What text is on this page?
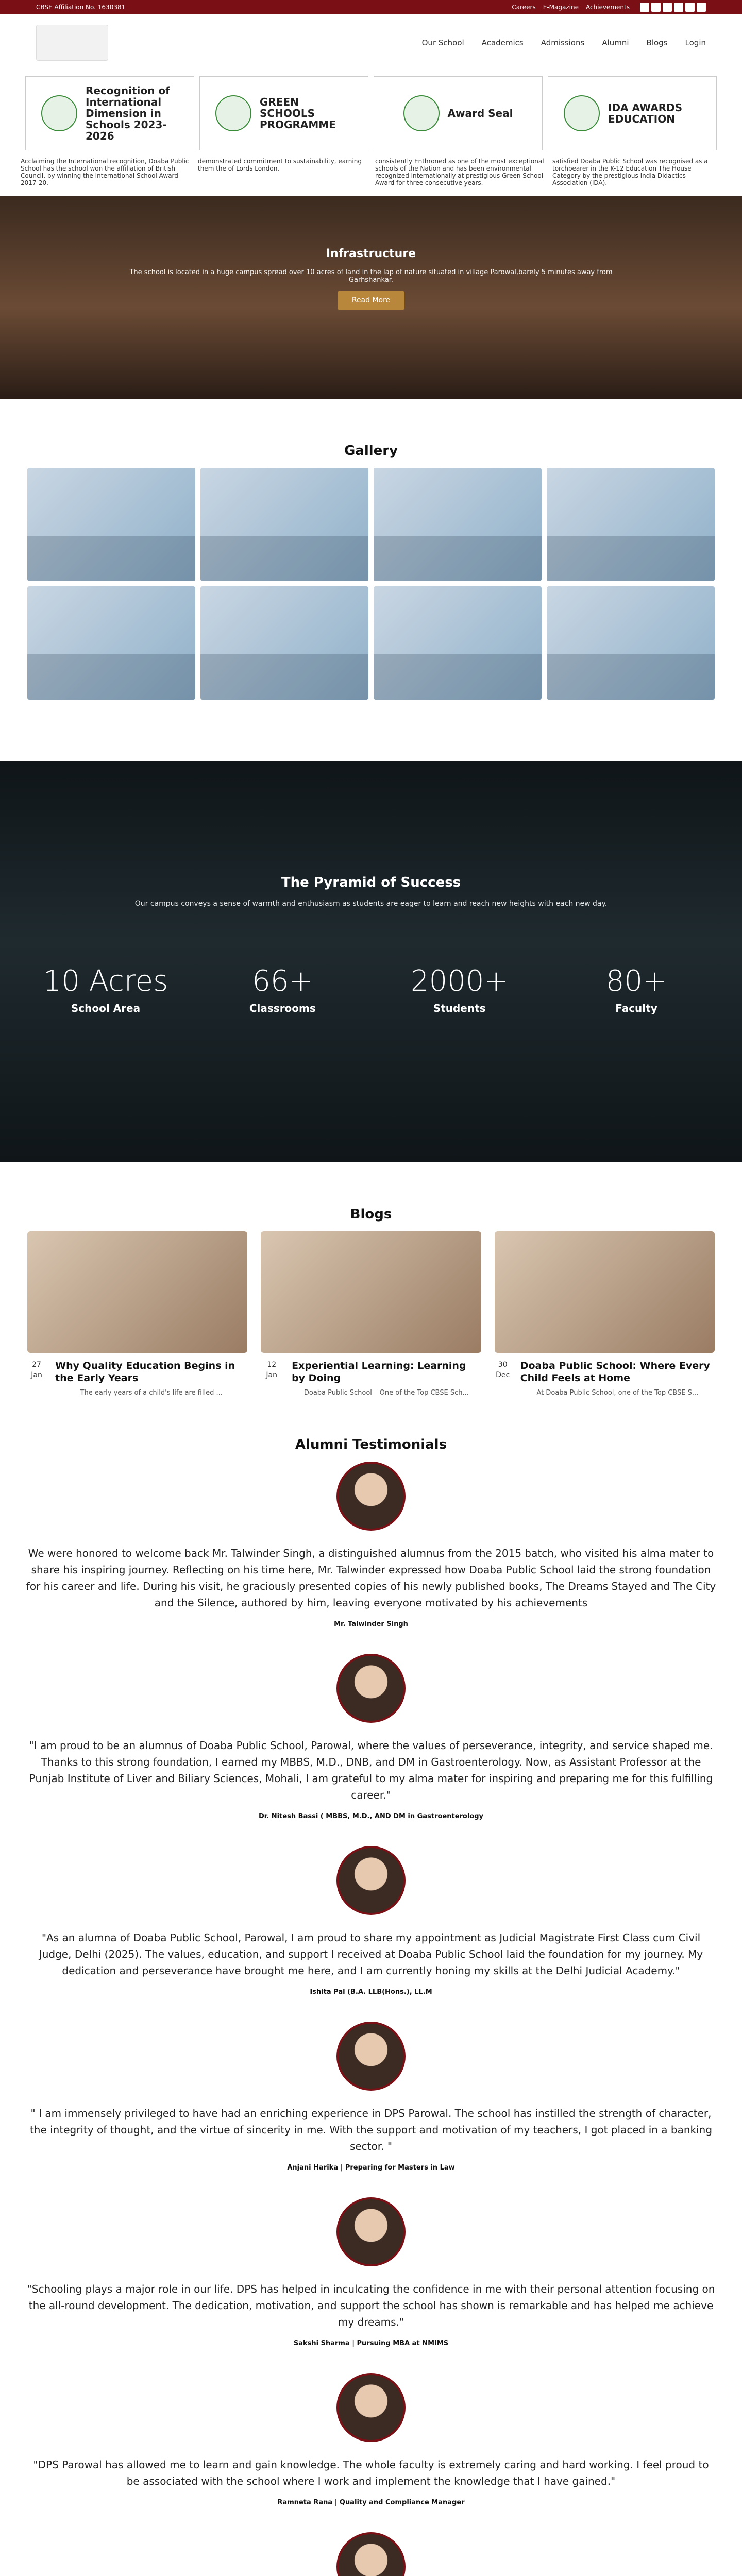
CBSE Affiliation No. 1630381	Careers E-Magazine Achievements
Our School Academics Admissions Alumni Blogs Login
Recognition of International Dimension in Schools 2023-2026
GREEN SCHOOLS PROGRAMME
Award Seal	IDA AWARDS EDUCATION
Acclaiming the International recognition, Doaba Public School has the school won the affiliation of British Council, by winning the International School Award 2017-20.
demonstrated commitment to sustainability, earning them the of Lords London.
consistently Enthroned as one of the most exceptional schools of the Nation and has been environmental recognized internationally at prestigious Green School Award for three consecutive years.
satisfied Doaba Public School was recognised as a torchbearer in the K-12 Education The House Category by the prestigious India Didactics Association (IDA).
Infrastructure

The school is located in a huge campus spread over 10 acres of land in the lap of nature situated in village Parowal,barely 5 minutes away from Garhshankar.

Read More
Gallery
The Pyramid of Success

Our campus conveys a sense of warmth and enthusiasm as students are eager to learn and reach new heights with each new day.

10 Acres
School Area
66+
Classrooms
2000+
Students
80+
Faculty
Blogs
27
Jan
Why Quality Education Begins in the Early Years
The early years of a child's life are filled ...
12
Jan
Experiential Learning: Learning by Doing
Doaba Public School – One of the Top CBSE Sch...
30
Dec
Doaba Public School: Where Every Child Feels at Home
At Doaba Public School, one of the Top CBSE S...
Alumni Testimonials
We were honored to welcome back Mr. Talwinder Singh, a distinguished alumnus from the 2015 batch, who visited his alma mater to share his inspiring journey. Reflecting on his time here, Mr. Talwinder expressed how Doaba Public School laid the strong foundation for his career and life. During his visit, he graciously presented copies of his newly published books, The Dreams Stayed and The City and the Silence, authored by him, leaving everyone motivated by his achievements
Mr. Talwinder Singh
"I am proud to be an alumnus of Doaba Public School, Parowal, where the values of perseverance, integrity, and service shaped me. Thanks to this strong foundation, I earned my MBBS, M.D., DNB, and DM in Gastroenterology. Now, as Assistant Professor at the Punjab Institute of Liver and Biliary Sciences, Mohali, I am grateful to my alma mater for inspiring and preparing me for this fulfilling career."
Dr. Nitesh Bassi ( MBBS, M.D., AND DM in Gastroenterology
"As an alumna of Doaba Public School, Parowal, I am proud to share my appointment as Judicial Magistrate First Class cum Civil Judge, Delhi (2025). The values, education, and support I received at Doaba Public School laid the foundation for my journey. My dedication and perseverance have brought me here, and I am currently honing my skills at the Delhi Judicial Academy."
Ishita Pal (B.A. LLB(Hons.), LL.M
" I am immensely privileged to have had an enriching experience in DPS Parowal. The school has instilled the strength of character, the integrity of thought, and the virtue of sincerity in me. With the support and motivation of my teachers, I got placed in a banking sector. "
Anjani Harika | Preparing for Masters in Law
"Schooling plays a major role in our life. DPS has helped in inculcating the confidence in me with their personal attention focusing on the all-round development. The dedication, motivation, and support the school has shown is remarkable and has helped me achieve my dreams."
Sakshi Sharma | Pursuing MBA at NMIMS
"DPS Parowal has allowed me to learn and gain knowledge. The whole faculty is extremely caring and hard working. I feel proud to be associated with the school where I work and implement the knowledge that I have gained."
Ramneta Rana | Quality and Compliance Manager
